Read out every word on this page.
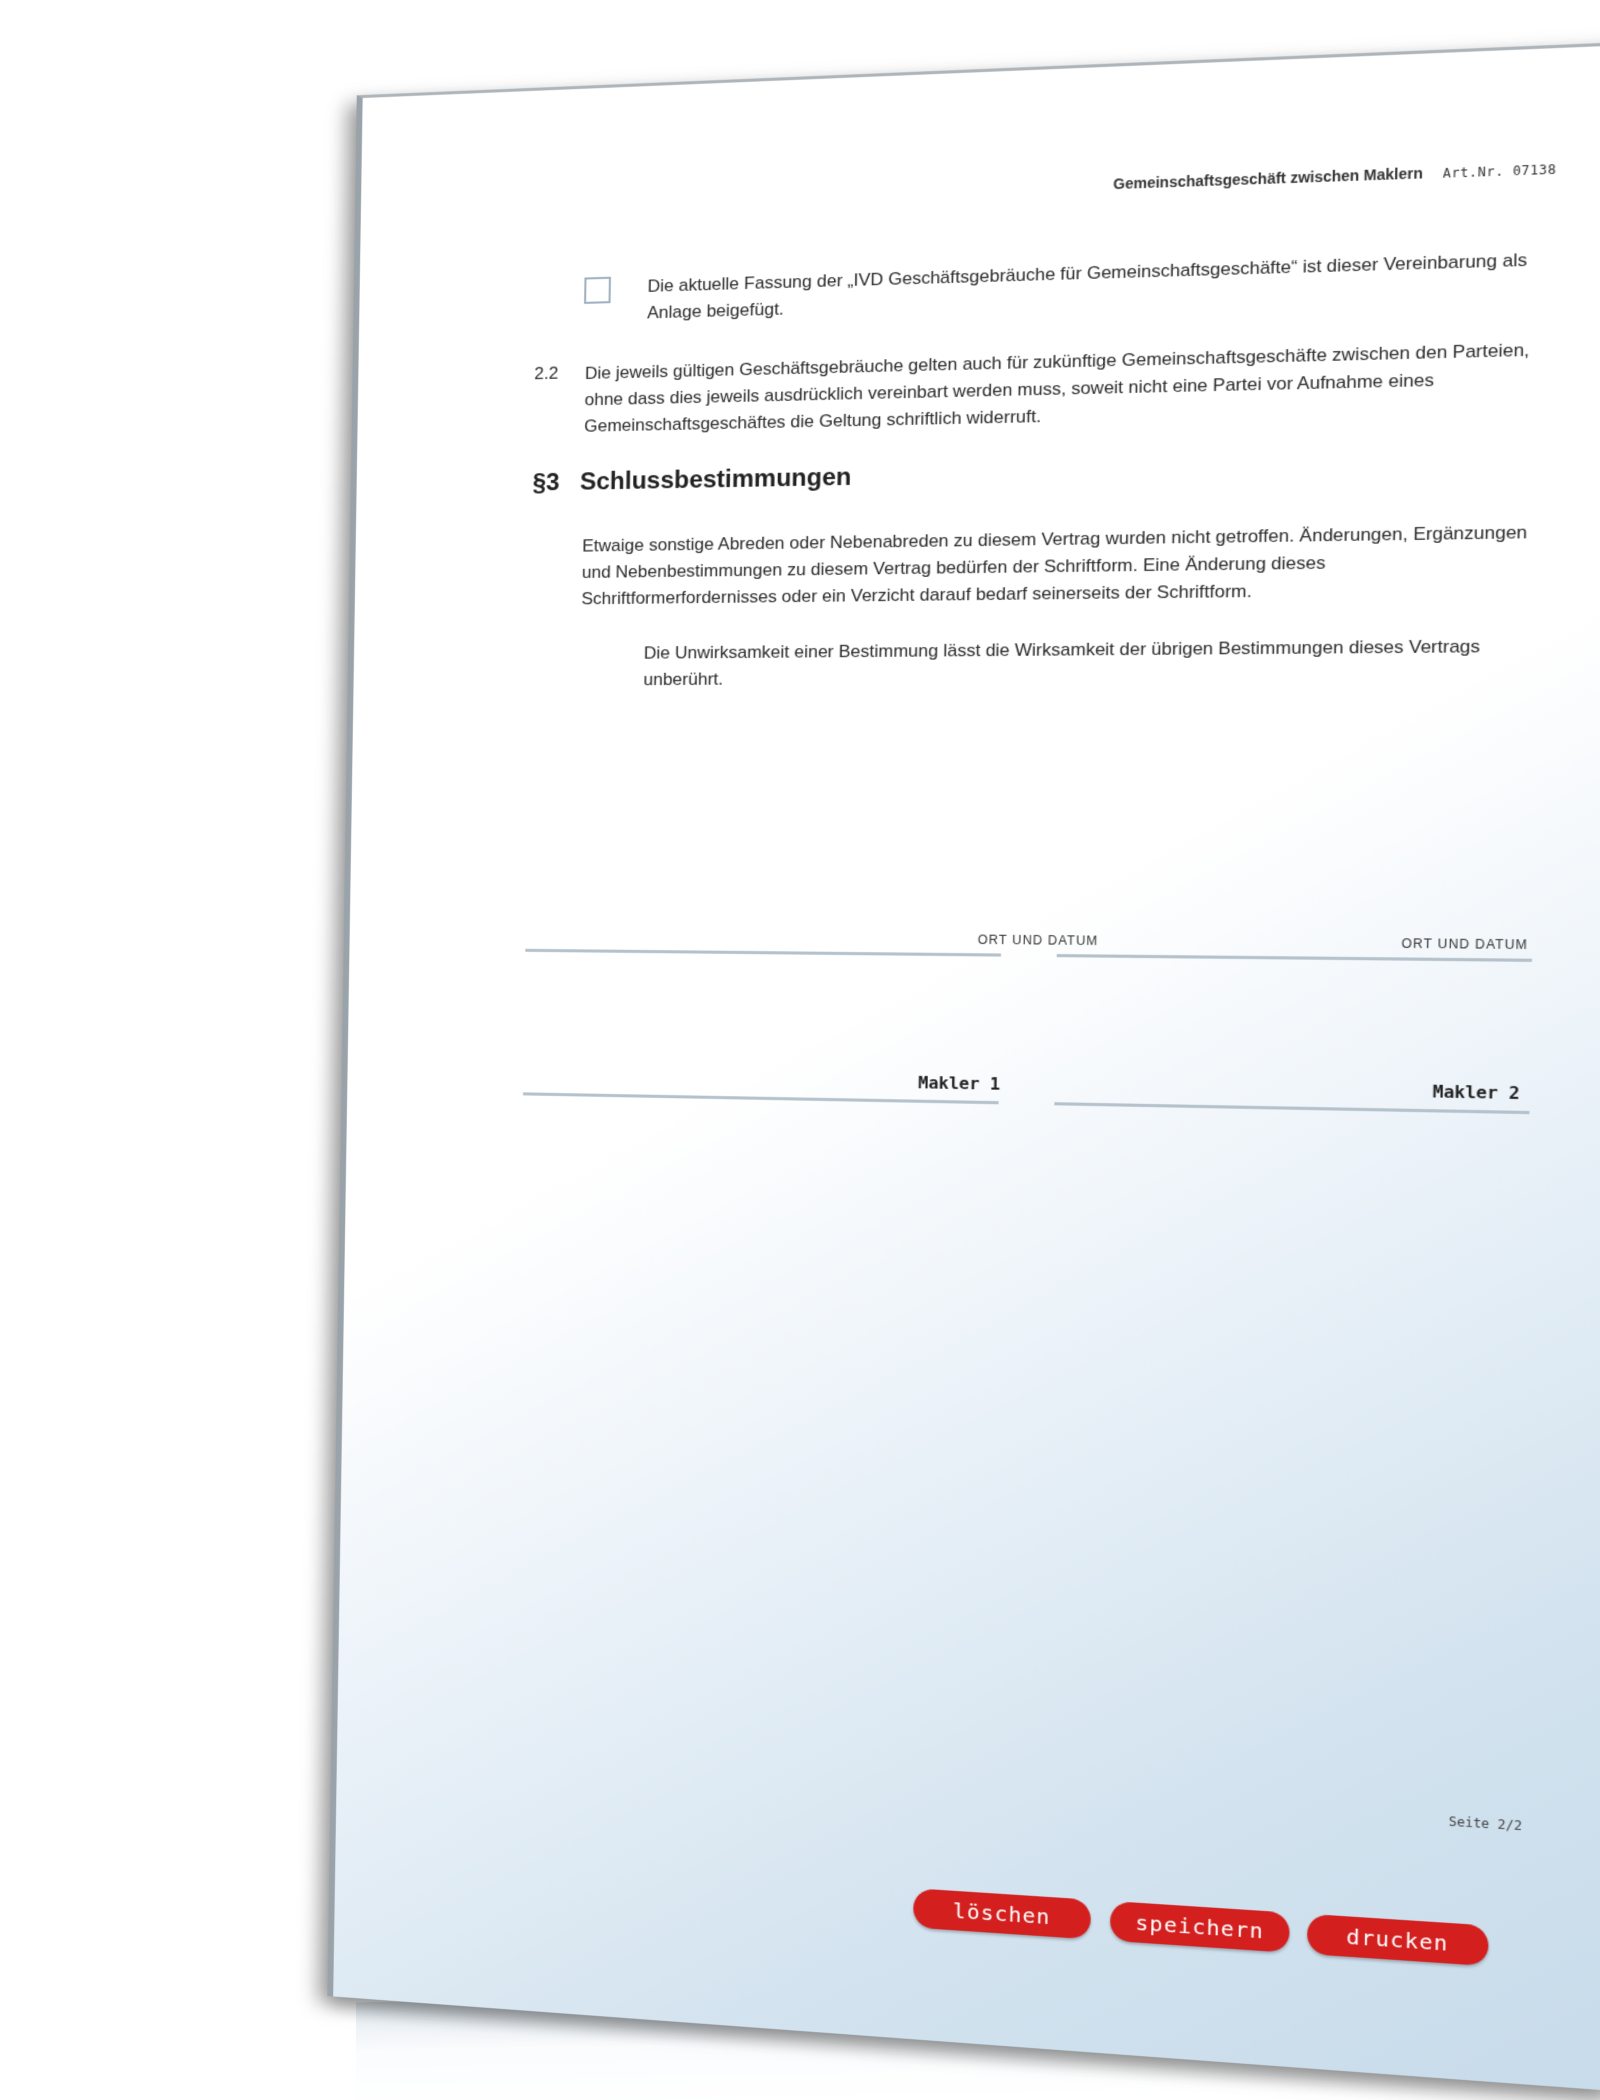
Gemeinschaftsgeschäft zwischen Maklern Art.Nr. 07138
Die aktuelle Fassung der „IVD Geschäftsgebräuche für Gemeinschaftsgeschäfte“ ist dieser Vereinbarung als Anlage beigefügt.
2.2 Die jeweils gültigen Geschäftsgebräuche gelten auch für zukünftige Gemeinschaftsgeschäfte zwischen den Parteien, ohne dass dies jeweils ausdrücklich vereinbart werden muss, soweit nicht eine Partei vor Aufnahme eines Gemeinschaftsgeschäftes die Geltung schriftlich widerruft.
§3 Schlussbestimmungen
Etwaige sonstige Abreden oder Nebenabreden zu diesem Vertrag wurden nicht getroffen. Änderungen, Ergänzungen und Nebenbestimmungen zu diesem Vertrag bedürfen der Schriftform. Eine Änderung dieses Schriftformerfordernisses oder ein Verzicht darauf bedarf seinerseits der Schriftform.
Die Unwirksamkeit einer Bestimmung lässt die Wirksamkeit der übrigen Bestimmungen dieses Vertrags unberührt.
ORT UND DATUM	ORT UND DATUM
Makler 1	Makler 2
Seite 2/2
löschen	speichern	drucken
